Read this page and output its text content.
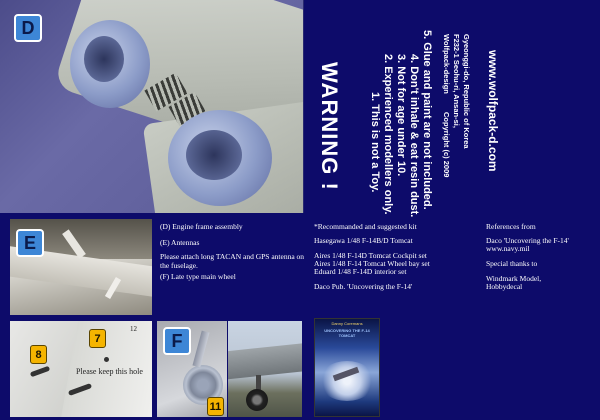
D
WARNING ! 1. This is not a Toy. 2. Experienced modellers only. 3. Not for age under 10. 4. Don't inhale & eat resin dust. 5. Glue and paint are not included. Wolfpack-design
Copyright (c) 2009
F232-1 Seohu-ri, Ansan-si, Gyeonggi-do, Republic of Korea www.wolfpack-d.com
E
8
7
12
Please keep this hole
F
11
(D) Engine frame assembly
(E) Antennas
Please attach long TACAN and GPS antenna on the fuselage.
(F) Late type main wheel
*Recommanded and suggested kit
Hasegawa 1/48 F-14B/D Tomcat
Aires 1/48 F-14D Tomcat Cockpit set
Aires 1/48 F-14 Tomcat Wheel bay set
Eduard 1/48 F-14D interior set
Daco Pub. 'Uncovering the F-14'
Danny Coremans
UNCOVERING THE F-14 TOMCAT
References from
Daco 'Uncovering the F-14'
www.navy.mil
Special thanks to
Windmark Model,
Hobbydecal
